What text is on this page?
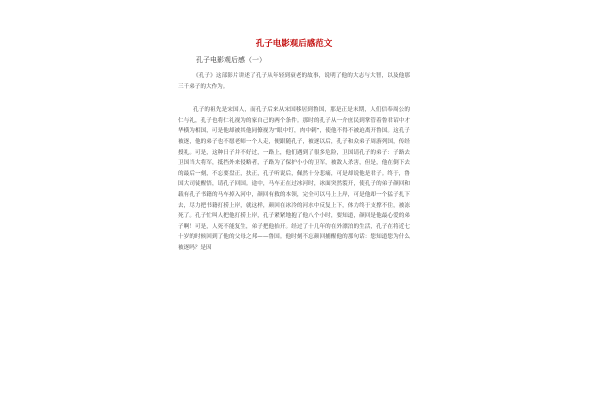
孔子电影观后感范文
孔子电影观后感（一）

《孔子》这部影片讲述了孔子从年轻到衰老的故事，说明了他的大志与大智，以及他那三千弟子的大作为。

孔子的祖先是宋国人，而孔子后来从宋国移居到鲁国，那是正是末期，人们信奉周公的仁与礼，孔子也将仁礼视为的家自己的两个条件。那时的孔子从一介庶民到掌管着鲁君诏中才华横为相国，可是他却被其他同僚视为“眼中钉，肉中刺”，使他不得不被迫离开鲁国。这孔子被逐，他的弟子也不愿老师一个人走，便跟随孔子，被逐以后，孔子和众弟子周游列国，传经授礼。可是，这种日子并不好过，一路上，他们遇到了很多危险，卫国请孔子的弟子：子路去卫国当大将军，抵挡外来侵略者，子路为了保护小小的卫军，被敌人杀害，但是，他在倒下去的最后一刻，不忘要盘正，扶正，孔子听说后，佩然十分悲痛，可是却说他是君子。终于，鲁国大司徒醒悟，请孔子回国。途中，马车正在过冰河时，冰面突然裂开，使孔子的弟子颜回和载有孔子书籍的马车掉入河中，颜回有救的本领，完全可以马上上岸，可是他却一个猛子扎下去，尽力把书籍打捞上岸，就这样，颜回在冰冷的河水中反复上下，体力终于支撑不住，被冻死了。孔子忙叫人把他打捞上岸，孔子紧紧地抱了他八个小时，要知道，颜回是他最心爱的弟子啊！可是，人死不能复生，弟子把他抬开。经过了十几年的在外漂泊的生活，孔子在将近七十岁的时候回到了他的父母之邦——鲁国。他时刻不忘颜回捕醒他的那句话：您知道您为什么被逐吗？是因
